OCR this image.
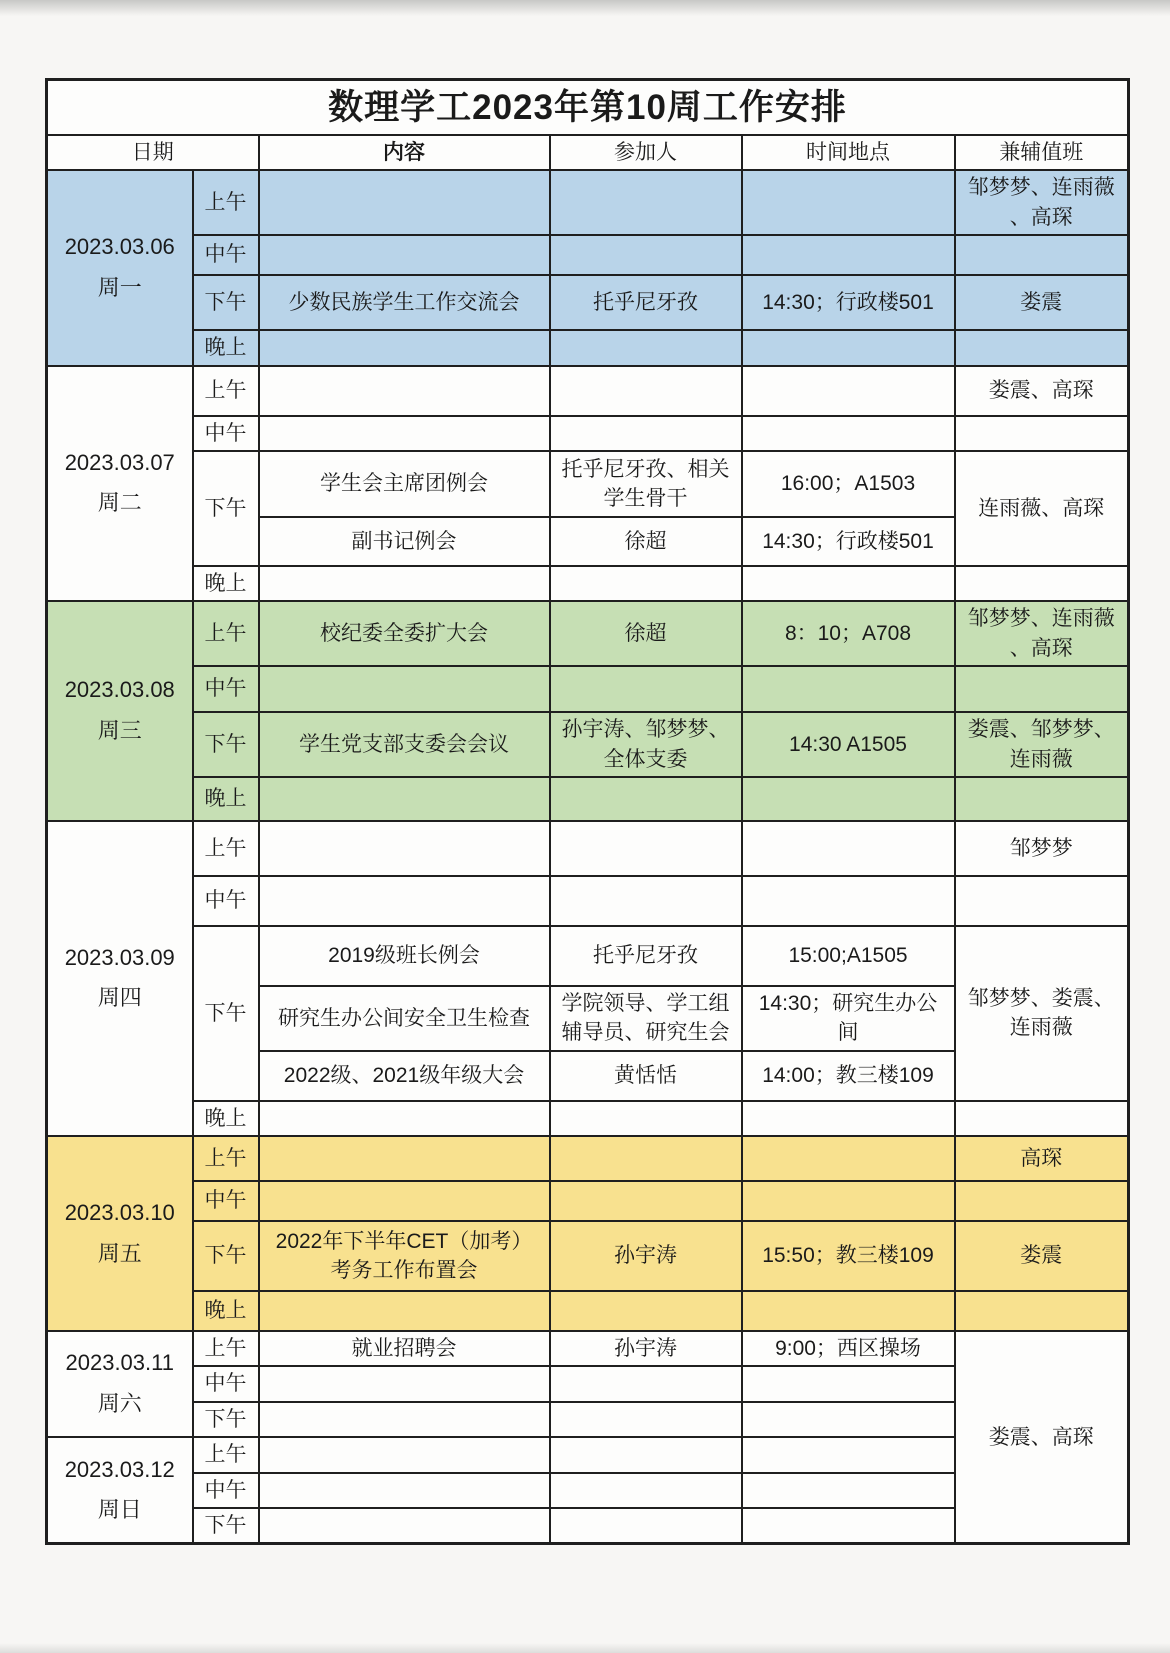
数理学工2023年第10周工作安排					
日期		内容	参加人	时间地点	兼辅值班

2023.03.06
周一	上午				邹梦梦、连雨薇、高琛
	中午				
	下午	少数民族学生工作交流会	托乎尼牙孜	14:30；行政楼501	娄震
	晚上				

2023.03.07
周二	上午				娄震、高琛
	中午				
	下午	学生会主席团例会	托乎尼牙孜、相关学生骨干	16:00；A1503	连雨薇、高琛
		副书记例会	徐超	14:30；行政楼501	
	晚上				

2023.03.08
周三	上午	校纪委全委扩大会	徐超	8：10；A708	邹梦梦、连雨薇、高琛
	中午				
	下午	学生党支部支委会会议	孙宇涛、邹梦梦、全体支委	14:30 A1505	娄震、邹梦梦、连雨薇
	晚上				

2023.03.09
周四	上午				邹梦梦
	中午				
	下午	2019级班长例会	托乎尼牙孜	15:00;A1505	邹梦梦、娄震、连雨薇
		研究生办公间安全卫生检查	学院领导、学工组辅导员、研究生会	14:30；研究生办公间	
		2022级、2021级年级大会	黄恬恬	14:00；教三楼109	
	晚上				

2023.03.10
周五	上午				高琛
	中午				
	下午	2022年下半年CET（加考）考务工作布置会	孙宇涛	15:50；教三楼109	娄震
	晚上				

2023.03.11
周六	上午	就业招聘会	孙宇涛	9:00；西区操场	娄震、高琛
	中午				
	下午				

2023.03.12
周日	上午				
	中午				
	下午				
